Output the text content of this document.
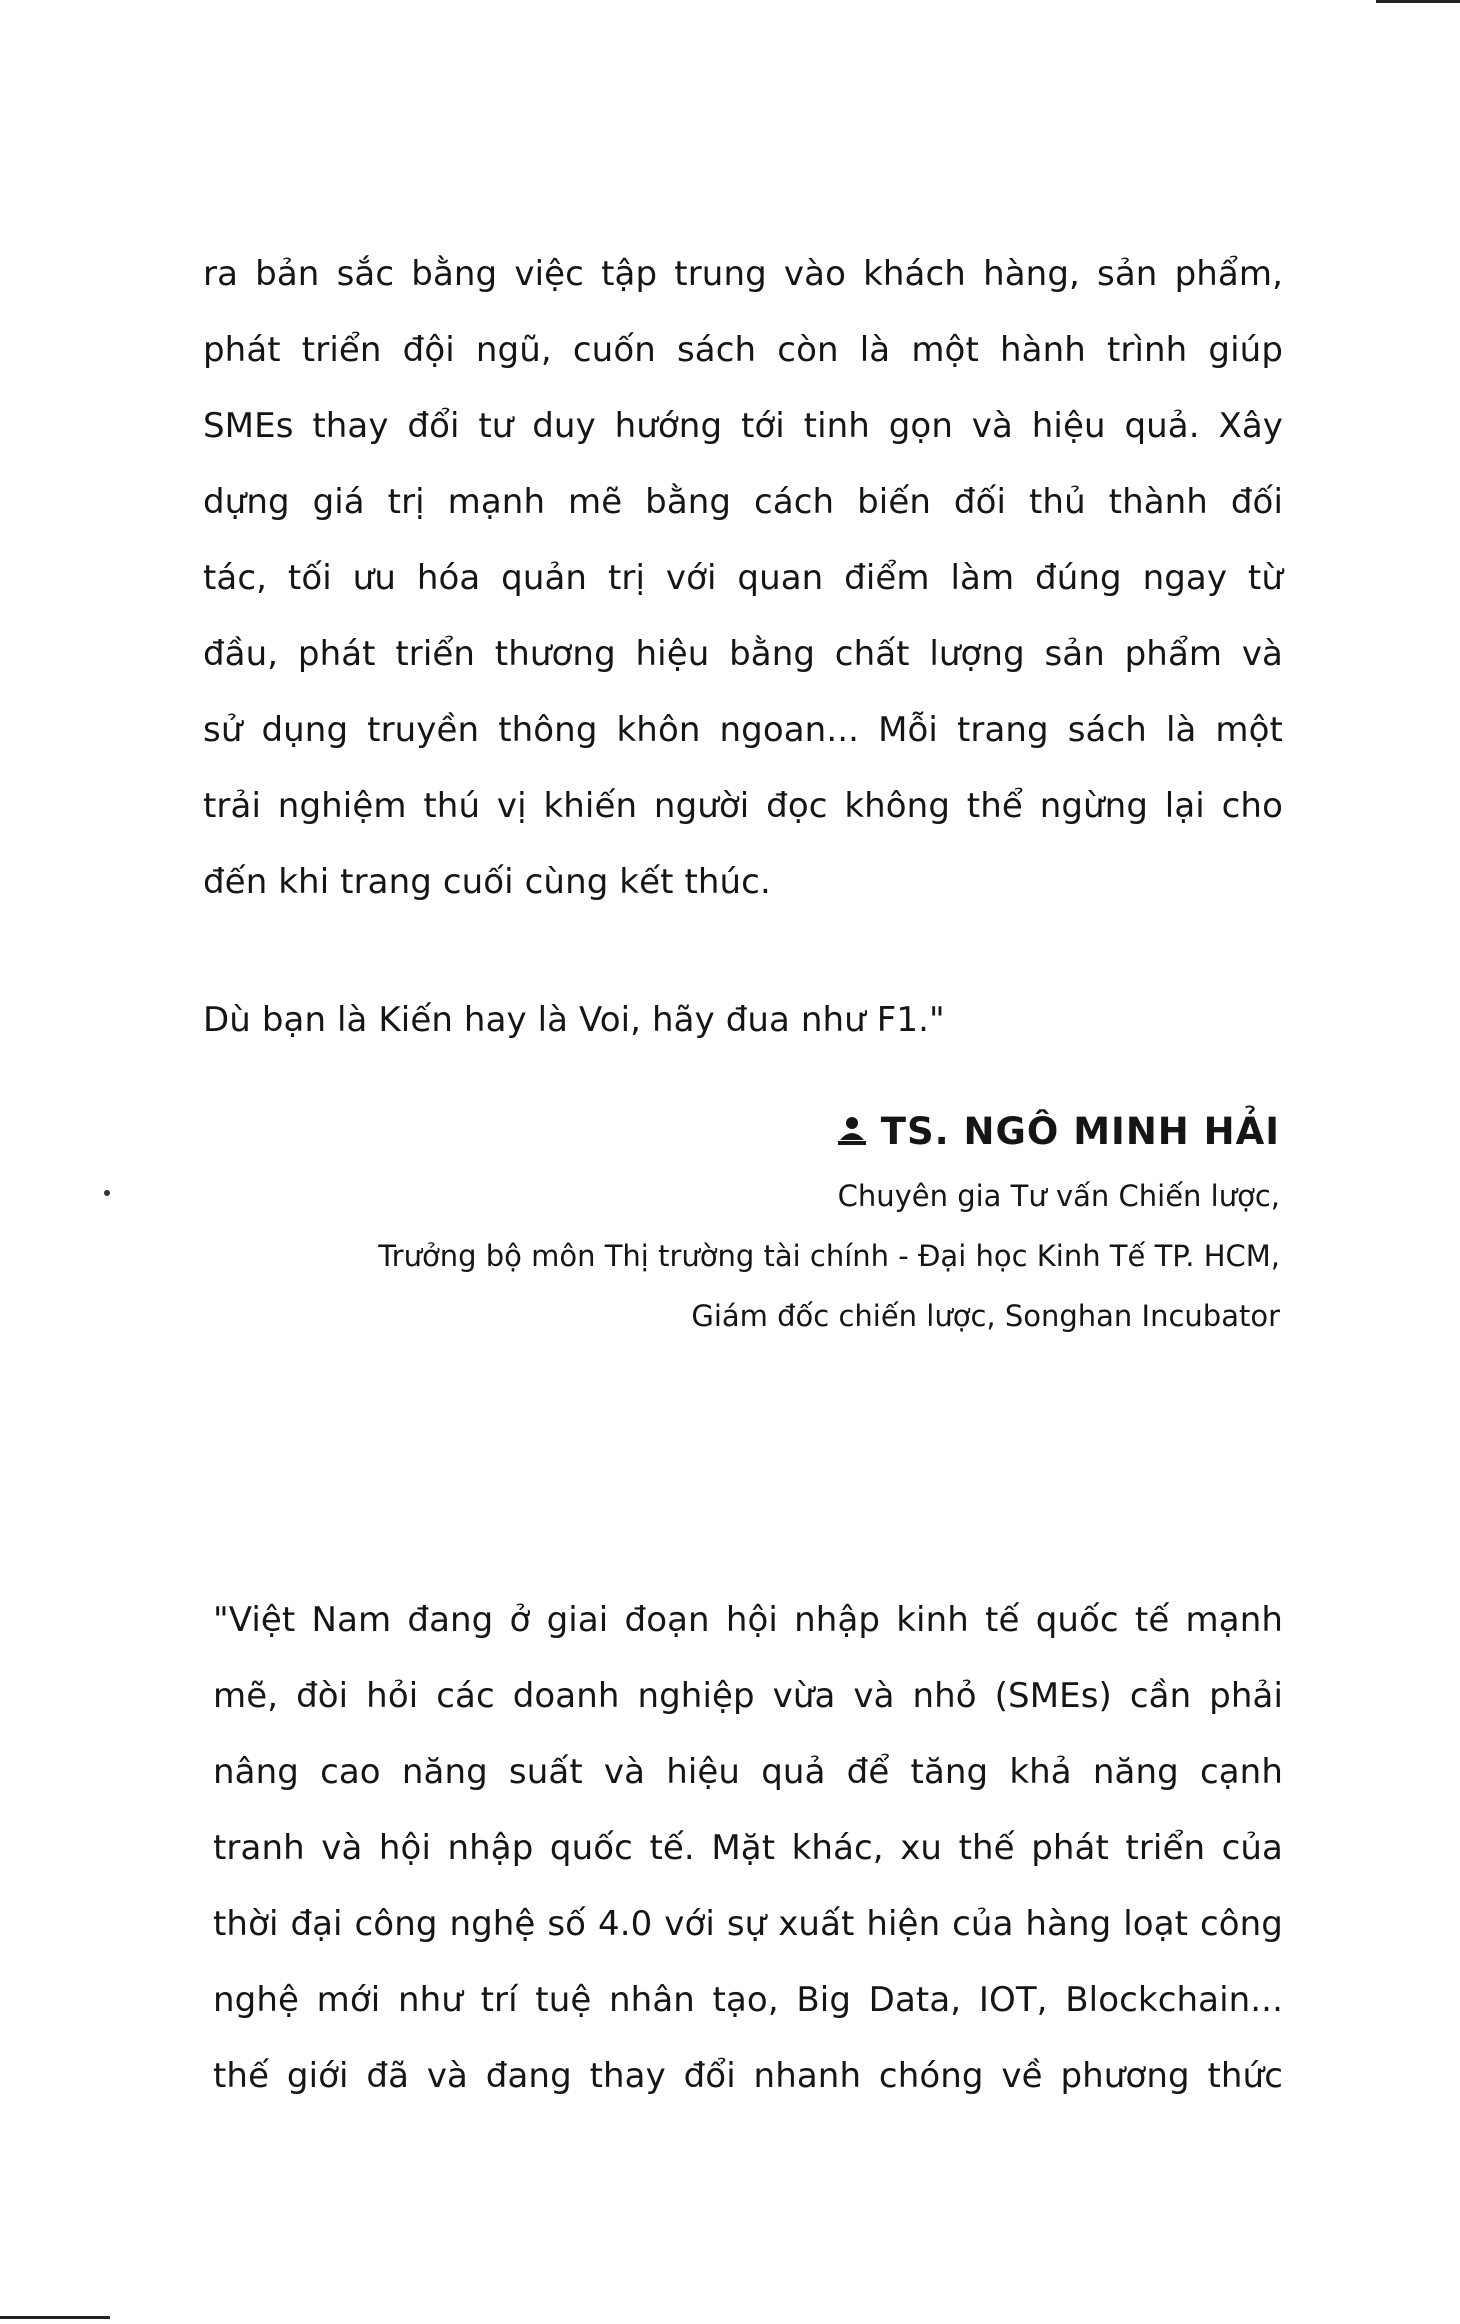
ra bản sắc bằng việc tập trung vào khách hàng, sản phẩm,
phát triển đội ngũ, cuốn sách còn là một hành trình giúp
SMEs thay đổi tư duy hướng tới tinh gọn và hiệu quả. Xây
dựng giá trị mạnh mẽ bằng cách biến đối thủ thành đối
tác, tối ưu hóa quản trị với quan điểm làm đúng ngay từ
đầu, phát triển thương hiệu bằng chất lượng sản phẩm và
sử dụng truyền thông khôn ngoan... Mỗi trang sách là một
trải nghiệm thú vị khiến người đọc không thể ngừng lại cho
đến khi trang cuối cùng kết thúc.
Dù bạn là Kiến hay là Voi, hãy đua như F1."
TS. NGÔ MINH HẢI
Chuyên gia Tư vấn Chiến lược,
Trưởng bộ môn Thị trường tài chính - Đại học Kinh Tế TP. HCM,
Giám đốc chiến lược, Songhan Incubator
"Việt Nam đang ở giai đoạn hội nhập kinh tế quốc tế mạnh
mẽ, đòi hỏi các doanh nghiệp vừa và nhỏ (SMEs) cần phải
nâng cao năng suất và hiệu quả để tăng khả năng cạnh
tranh và hội nhập quốc tế. Mặt khác, xu thế phát triển của
thời đại công nghệ số 4.0 với sự xuất hiện của hàng loạt công
nghệ mới như trí tuệ nhân tạo, Big Data, IOT, Blockchain...
thế giới đã và đang thay đổi nhanh chóng về phương thức
